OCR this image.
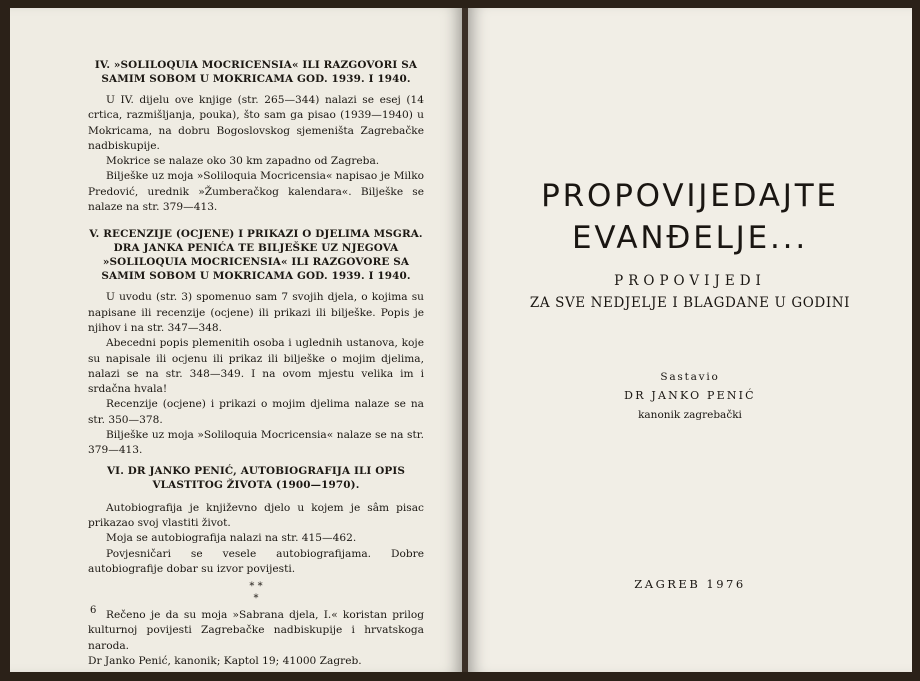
IV. »SOLILOQUIA MOCRICENSIA« ILI RAZGOVORI SA
SAMIM SOBOM U MOKRICAMA GOD. 1939. I 1940.

U IV. dijelu ove knjige (str. 265—344) nalazi se esej (14 crtica, razmišljanja, pouka), što sam ga pisao (1939—1940) u Mokricama, na dobru Bogoslovskog sjemeništa Zagrebačke nadbiskupije.

Mokrice se nalaze oko 30 km zapadno od Zagreba.

Bilješke uz moja »Soliloquia Mocricensia« napisao je Milko Predović, urednik »Žumberačkog kalendara«. Bilješke se nalaze na str. 379—413.

V. RECENZIJE (OCJENE) I PRIKAZI O DJELIMA MSGRA.
DRA JANKA PENIĆA TE BILJEŠKE UZ NJEGOVA
»SOLILOQUIA MOCRICENSIA« ILI RAZGOVORE SA
SAMIM SOBOM U MOKRICAMA GOD. 1939. I 1940.

U uvodu (str. 3) spomenuo sam 7 svojih djela, o kojima su napisane ili recenzije (ocjene) ili prikazi ili bilješke. Popis je njihov i na str. 347—348.

Abecedni popis plemenitih osoba i uglednih ustanova, koje su napisale ili ocjenu ili prikaz ili bilješke o mojim djelima, nalazi se na str. 348—349. I na ovom mjestu velika im i srdačna hvala!

Recenzije (ocjene) i prikazi o mojim djelima nalaze se na str. 350—378.

Bilješke uz moja »Soliloquia Mocricensia« nalaze se na str. 379—413.

VI. DR JANKO PENIĆ, AUTOBIOGRAFIJA ILI OPIS
VLASTITOG ŽIVOTA (1900—1970).

Autobiografija je književno djelo u kojem je sâm pisac prikazao svoj vlastiti život.

Moja se autobiografija nalazi na str. 415—462.

Povjesničari se vesele autobiografijama. Dobre autobiografije dobar su izvor povijesti.

* *
*

Rečeno je da su moja »Sabrana djela, I.« koristan prilog kulturnoj povijesti Zagrebačke nadbiskupije i hrvatskoga naroda.

Dr Janko Penić, kanonik; Kaptol 19; 41000 Zagreb.

6
PROPOVIJEDAJTE
EVANĐELJE...
PROPOVIJEDI
ZA SVE NEDJELJE I BLAGDANE U GODINI
Sastavio
DR JANKO PENIĆ
kanonik zagrebački
ZAGREB 1976
